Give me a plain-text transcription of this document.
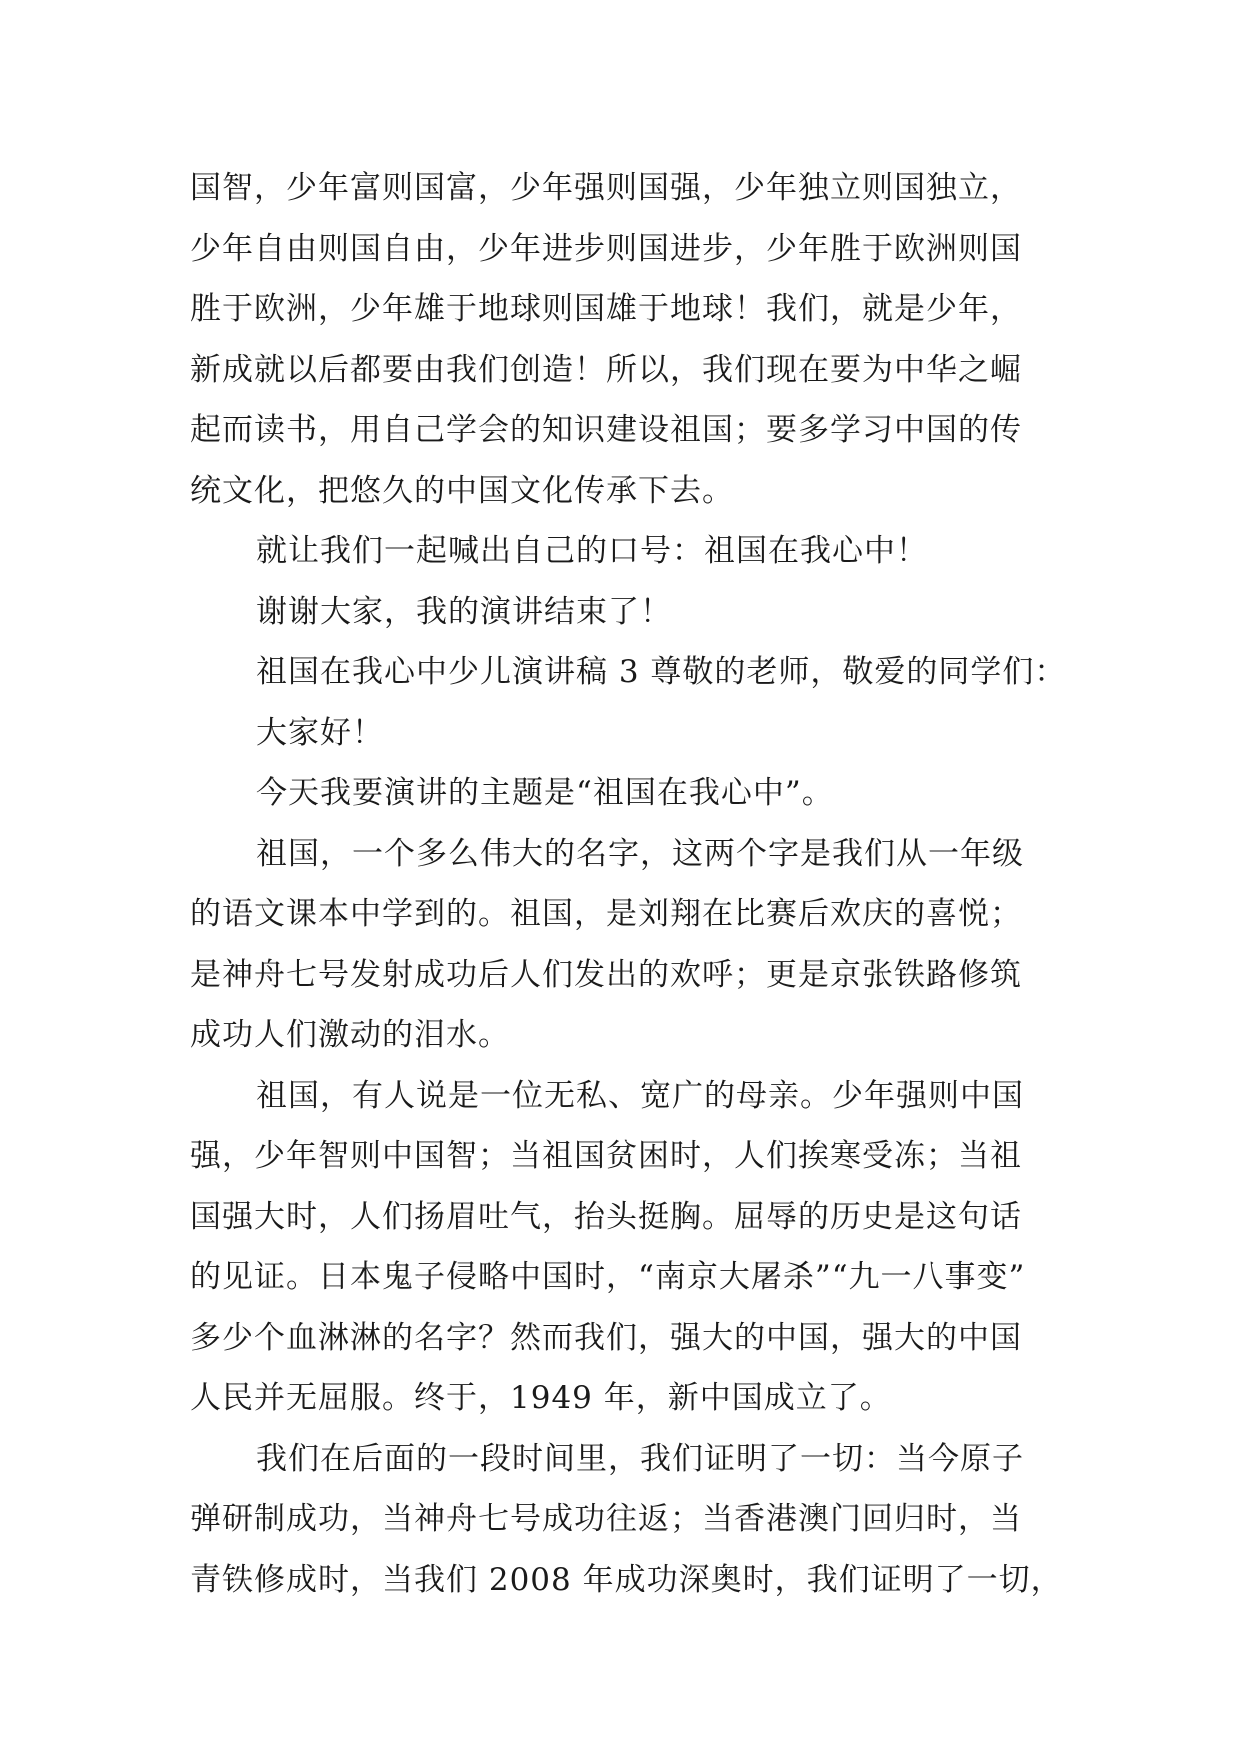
国智，少年富则国富，少年强则国强，少年独立则国独立，
少年自由则国自由，少年进步则国进步，少年胜于欧洲则国
胜于欧洲，少年雄于地球则国雄于地球！我们，就是少年，
新成就以后都要由我们创造！所以，我们现在要为中华之崛
起而读书，用自己学会的知识建设祖国；要多学习中国的传
统文化，把悠久的中国文化传承下去。
就让我们一起喊出自己的口号：祖国在我心中！
谢谢大家，我的演讲结束了！
祖国在我心中少儿演讲稿 3 尊敬的老师，敬爱的同学们：
大家好！
今天我要演讲的主题是“祖国在我心中”。
祖国，一个多么伟大的名字，这两个字是我们从一年级
的语文课本中学到的。祖国，是刘翔在比赛后欢庆的喜悦；
是神舟七号发射成功后人们发出的欢呼；更是京张铁路修筑
成功人们激动的泪水。
祖国，有人说是一位无私、宽广的母亲。少年强则中国
强，少年智则中国智；当祖国贫困时，人们挨寒受冻；当祖
国强大时，人们扬眉吐气，抬头挺胸。屈辱的历史是这句话
的见证。日本鬼子侵略中国时，“南京大屠杀”“九一八事变”
多少个血淋淋的名字？然而我们，强大的中国，强大的中国
人民并无屈服。终于，1949 年，新中国成立了。
我们在后面的一段时间里，我们证明了一切：当今原子
弹研制成功，当神舟七号成功往返；当香港澳门回归时，当
青铁修成时，当我们 2008 年成功深奥时，我们证明了一切，
